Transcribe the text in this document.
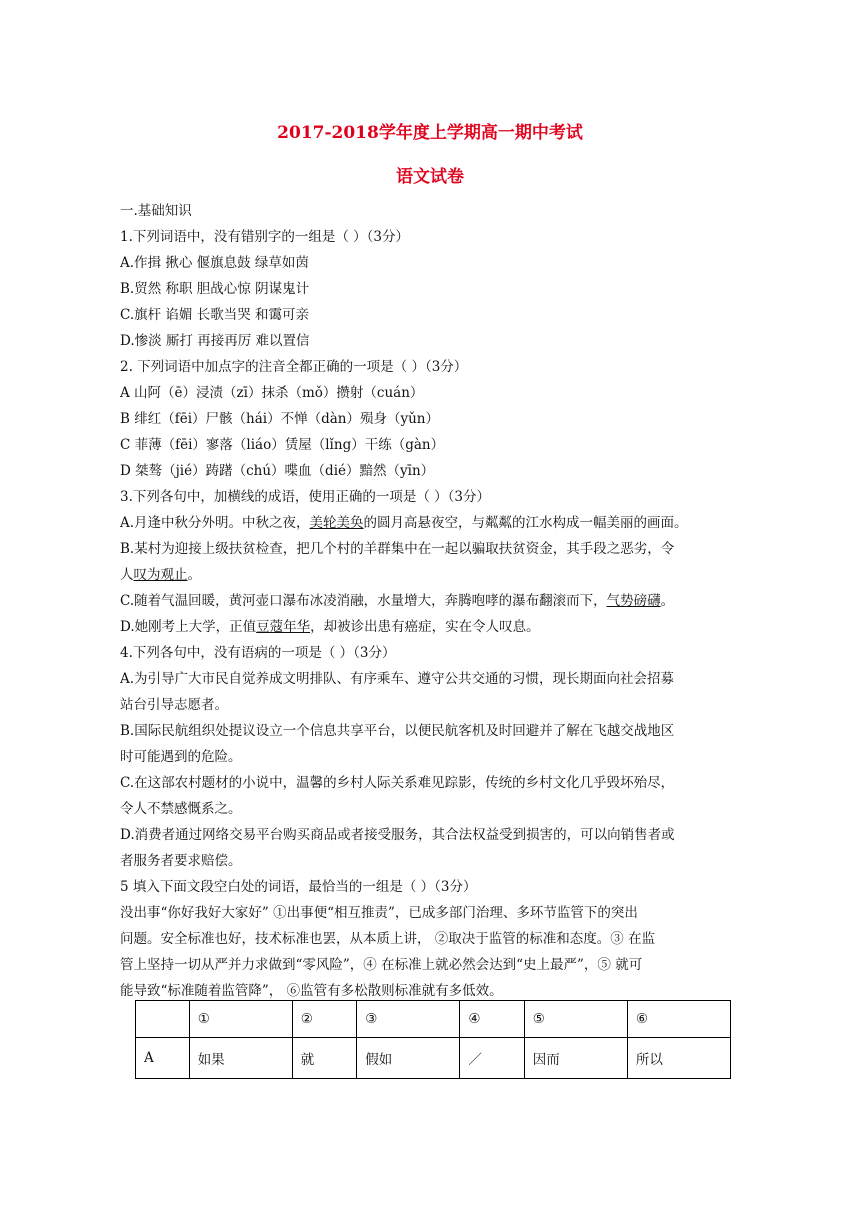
2017-2018学年度上学期高一期中考试
语文试卷
一.基础知识
1.下列词语中，没有错别字的一组是（ ）（3分）
A.作揖 揪心 偃旗息鼓 绿草如茵
B.贸然 称职 胆战心惊 阴谋鬼计
C.旗杆 谄媚 长歌当哭 和霭可亲
D.惨淡 厮打 再接再厉 难以置信
2. 下列词语中加点字的注音全都正确的一项是（ ）（3分）
A 山阿（ē）浸渍（zī）抹杀（mǒ）攒射（cuán）
B 绯红（fēi）尸骸（hái）不惮（dàn）殒身（yǔn）
C 菲薄（fēi）寥落（liáo）赁屋（lǐng）干练（gàn）
D 桀骜（jié）踌躇（chú）喋血（dié）黯然（yīn）
3.下列各句中，加横线的成语，使用正确的一项是（ ）（3分）
A.月逢中秋分外明。中秋之夜，美轮美奂的圆月高悬夜空，与粼粼的江水构成一幅美丽的画面。
B.某村为迎接上级扶贫检查，把几个村的羊群集中在一起以骗取扶贫资金，其手段之恶劣，令
人叹为观止。
C.随着气温回暖，黄河壶口瀑布冰凌消融，水量增大，奔腾咆哮的瀑布翻滚而下，气势磅礴。
D.她刚考上大学，正值豆蔻年华，却被诊出患有癌症，实在令人叹息。
4.下列各句中，没有语病的一项是（ ）（3分）
A.为引导广大市民自觉养成文明排队、有序乘车、遵守公共交通的习惯，现长期面向社会招募
站台引导志愿者。
B.国际民航组织处提议设立一个信息共享平台，以便民航客机及时回避并了解在飞越交战地区
时可能遇到的危险。
C.在这部农村题材的小说中，温馨的乡村人际关系难见踪影，传统的乡村文化几乎毁坏殆尽，
令人不禁感慨系之。
D.消费者通过网络交易平台购买商品或者接受服务，其合法权益受到损害的，可以向销售者或
者服务者要求赔偿。
5 填入下面文段空白处的词语，最恰当的一组是（ ）（3分）
没出事“你好我好大家好” ①出事便“相互推责”，已成多部门治理、多环节监管下的突出
问题。安全标准也好，技术标准也罢，从本质上讲， ②取决于监管的标准和态度。③ 在监
管上坚持一切从严并力求做到“零风险”，④ 在标准上就必然会达到“史上最严”，⑤ 就可
能导致“标准随着监管降”， ⑥监管有多松散则标准就有多低效。
	①	②	③	④	⑤	⑥
A	如果	就	假如	／	因而	所以
